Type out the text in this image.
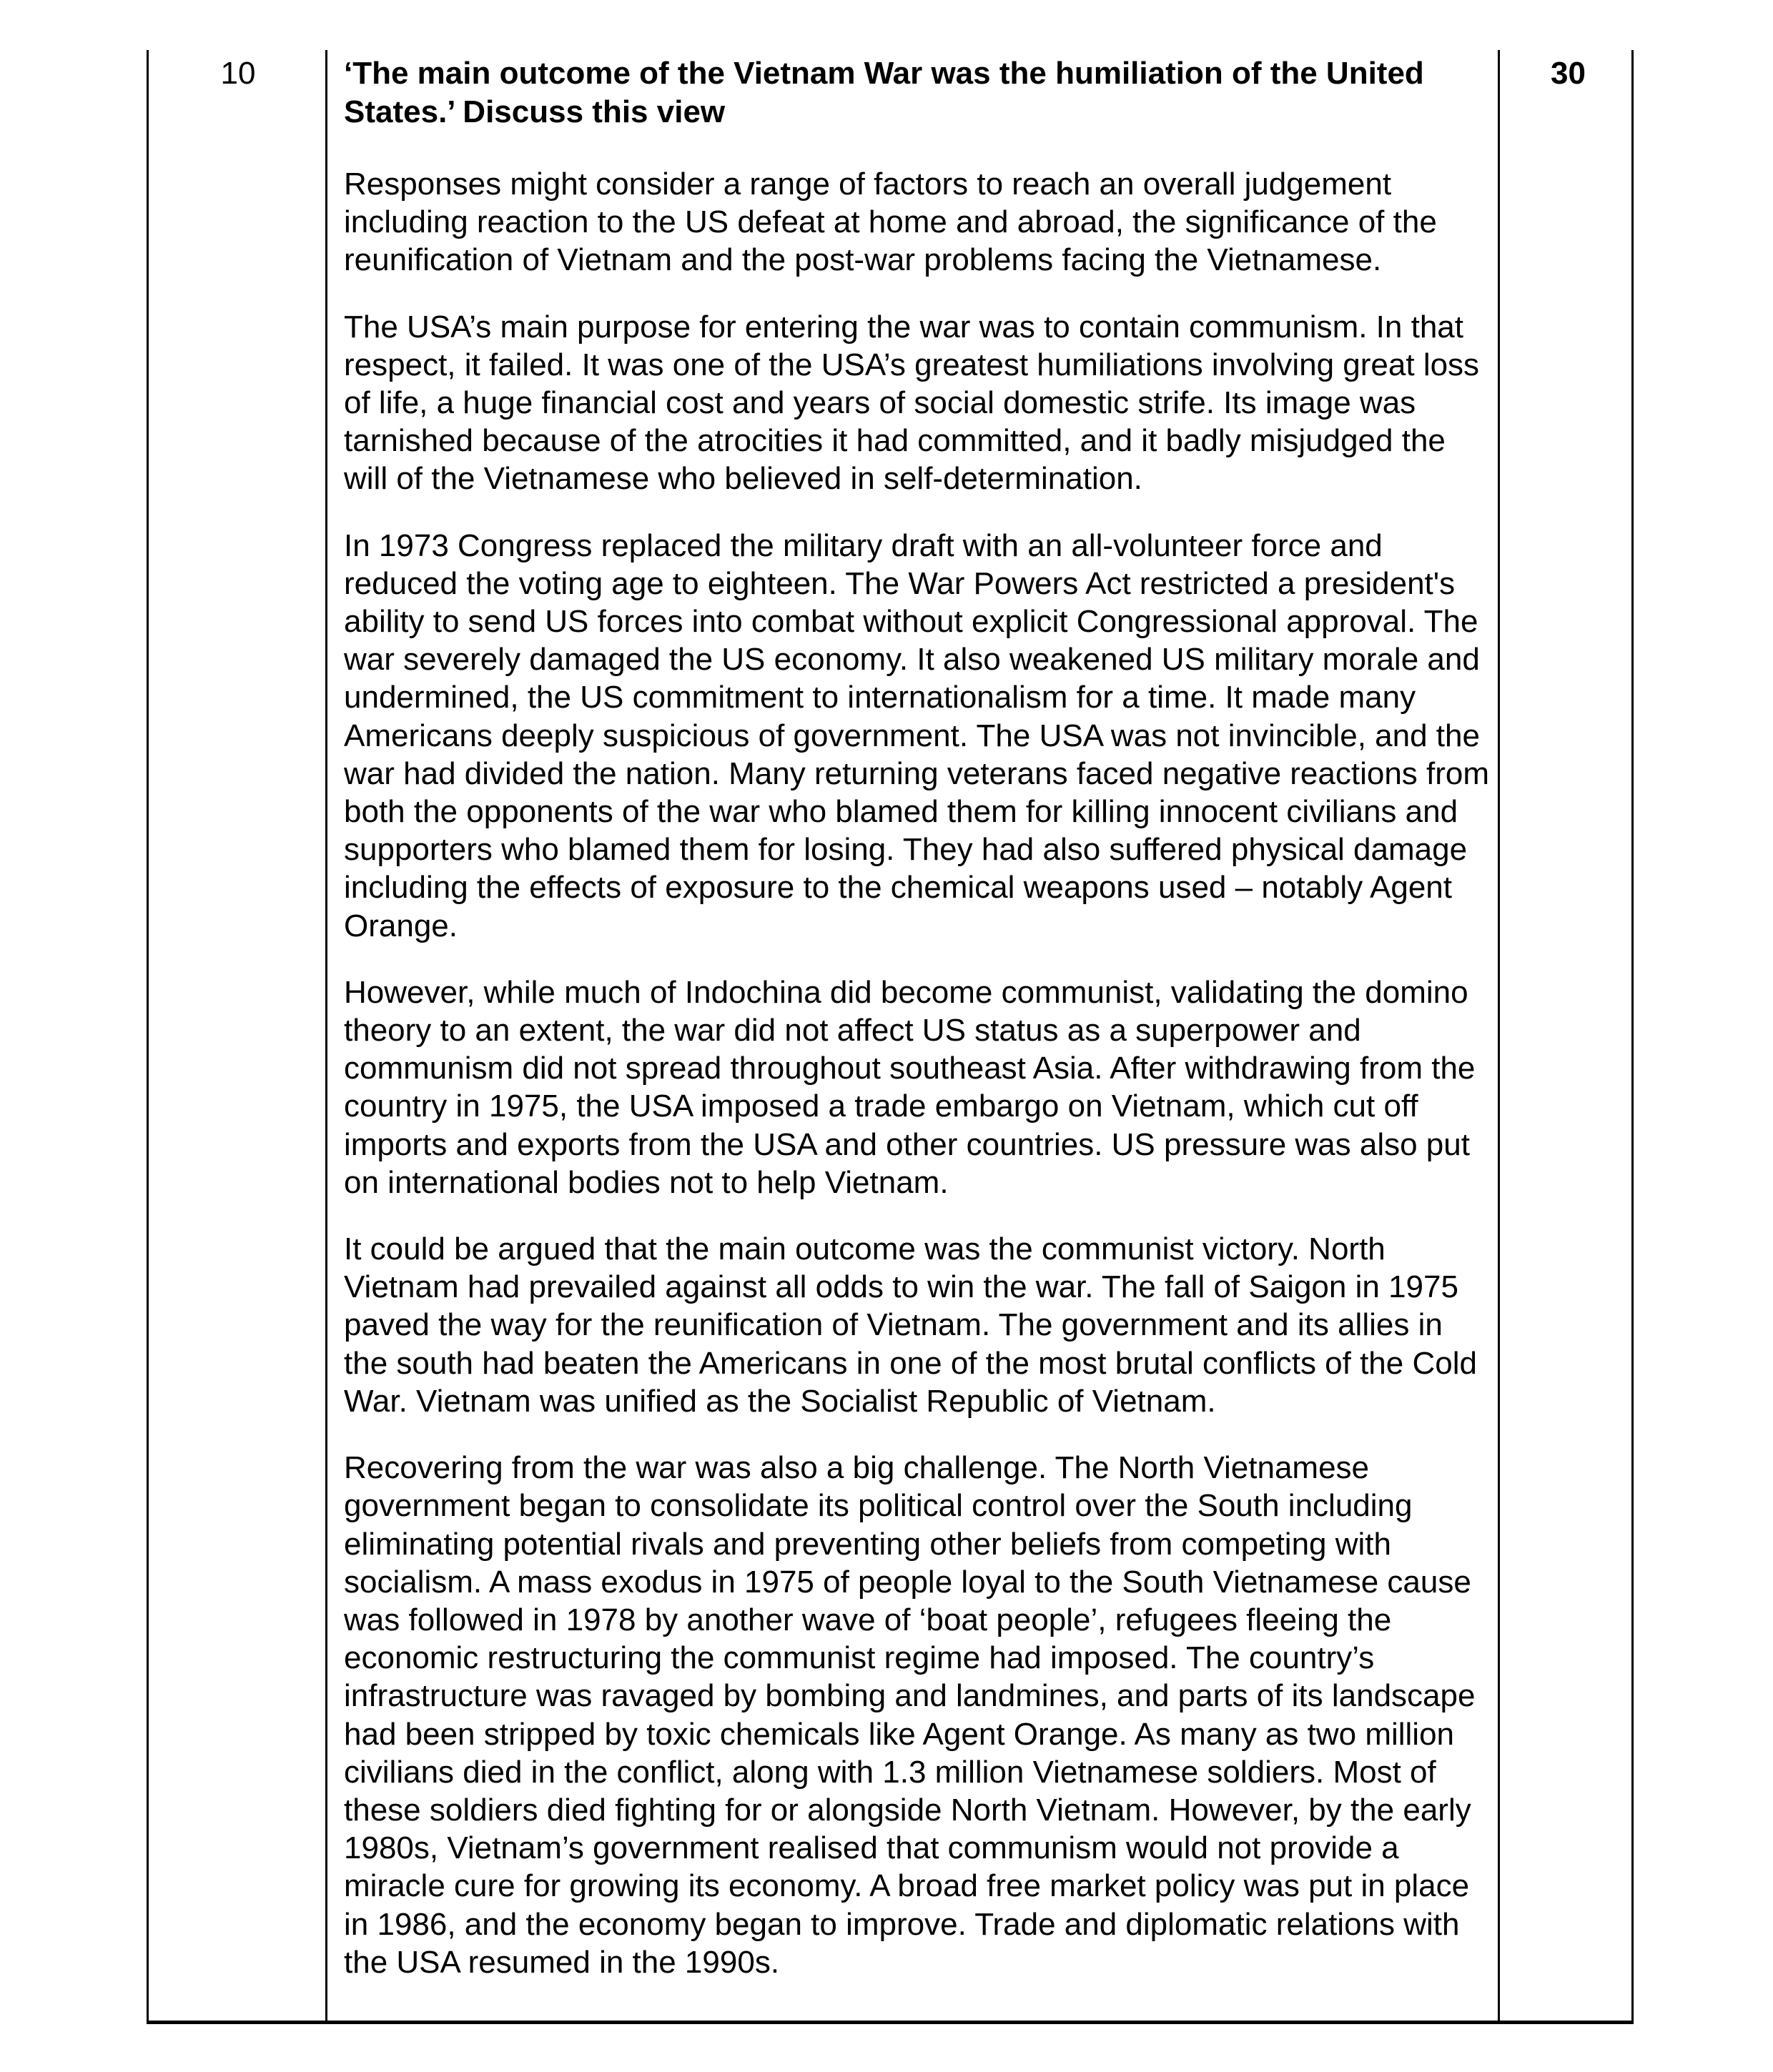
10	‘The main outcome of the Vietnam War was the humiliation of the United States.’ Discuss this view

Responses might consider a range of factors to reach an overall judgement including reaction to the US defeat at home and abroad, the significance of the reunification of Vietnam and the post-war problems facing the Vietnamese.

The USA’s main purpose for entering the war was to contain communism. In that respect, it failed. It was one of the USA’s greatest humiliations involving great loss of life, a huge financial cost and years of social domestic strife. Its image was tarnished because of the atrocities it had committed, and it badly misjudged the will of the Vietnamese who believed in self-determination.

In 1973 Congress replaced the military draft with an all-volunteer force and reduced the voting age to eighteen. The War Powers Act restricted a president's ability to send US forces into combat without explicit Congressional approval. The war severely damaged the US economy. It also weakened US military morale and undermined, the US commitment to internationalism for a time. It made many Americans deeply suspicious of government. The USA was not invincible, and the war had divided the nation. Many returning veterans faced negative reactions from both the opponents of the war who blamed them for killing innocent civilians and supporters who blamed them for losing. They had also suffered physical damage including the effects of exposure to the chemical weapons used – notably Agent Orange.

However, while much of Indochina did become communist, validating the domino theory to an extent, the war did not affect US status as a superpower and communism did not spread throughout southeast Asia. After withdrawing from the country in 1975, the USA imposed a trade embargo on Vietnam, which cut off imports and exports from the USA and other countries. US pressure was also put on international bodies not to help Vietnam.

It could be argued that the main outcome was the communist victory. North Vietnam had prevailed against all odds to win the war. The fall of Saigon in 1975 paved the way for the reunification of Vietnam. The government and its allies in the south had beaten the Americans in one of the most brutal conflicts of the Cold War. Vietnam was unified as the Socialist Republic of Vietnam.

Recovering from the war was also a big challenge. The North Vietnamese government began to consolidate its political control over the South including eliminating potential rivals and preventing other beliefs from competing with socialism. A mass exodus in 1975 of people loyal to the South Vietnamese cause was followed in 1978 by another wave of ‘boat people’, refugees fleeing the economic restructuring the communist regime had imposed. The country’s infrastructure was ravaged by bombing and landmines, and parts of its landscape had been stripped by toxic chemicals like Agent Orange. As many as two million civilians died in the conflict, along with 1.3 million Vietnamese soldiers. Most of these soldiers died fighting for or alongside North Vietnam. However, by the early 1980s, Vietnam’s government realised that communism would not provide a miracle cure for growing its economy. A broad free market policy was put in place in 1986, and the economy began to improve. Trade and diplomatic relations with the USA resumed in the 1990s.

30
